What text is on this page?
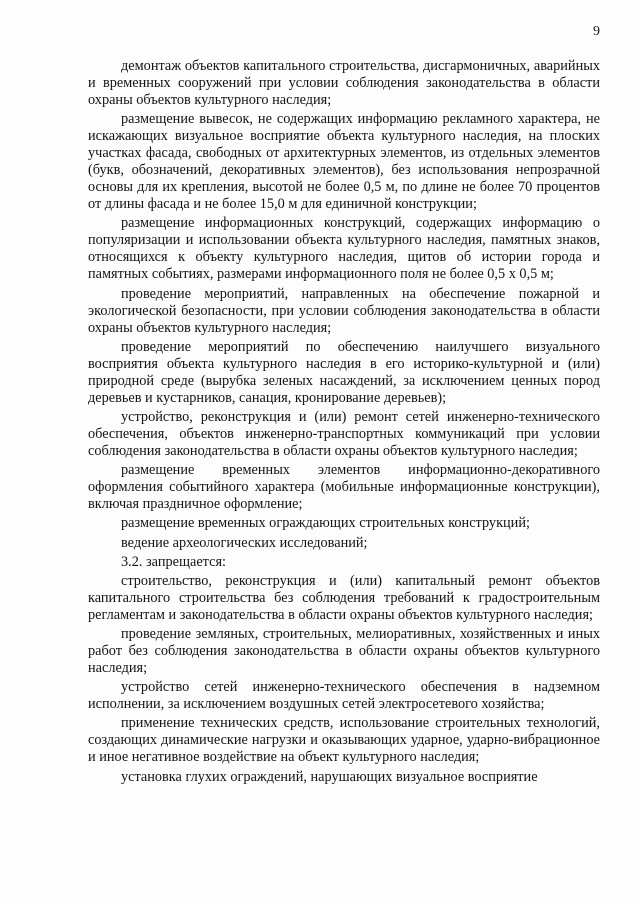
9

демонтаж объектов капитального строительства, дисгармоничных, аварийных и временных сооружений при условии соблюдения законодательства в области охраны объектов культурного наследия;

размещение вывесок, не содержащих информацию рекламного характера, не искажающих визуальное восприятие объекта культурного наследия, на плоских участках фасада, свободных от архитектурных элементов, из отдельных элементов (букв, обозначений, декоративных элементов), без использования непрозрачной основы для их крепления, высотой не более 0,5 м, по длине не более 70 процентов от длины фасада и не более 15,0 м для единичной конструкции;

размещение информационных конструкций, содержащих информацию о популяризации и использовании объекта культурного наследия, памятных знаков, относящихся к объекту культурного наследия, щитов об истории города и памятных событиях, размерами информационного поля не более 0,5 х 0,5 м;

проведение мероприятий, направленных на обеспечение пожарной и экологической безопасности, при условии соблюдения законодательства в области охраны объектов культурного наследия;

проведение мероприятий по обеспечению наилучшего визуального восприятия объекта культурного наследия в его историко-культурной и (или) природной среде (вырубка зеленых насаждений, за исключением ценных пород деревьев и кустарников, санация, кронирование деревьев);

устройство, реконструкция и (или) ремонт сетей инженерно-технического обеспечения, объектов инженерно-транспортных коммуникаций при условии соблюдения законодательства в области охраны объектов культурного наследия;

размещение временных элементов информационно-декоративного оформления событийного характера (мобильные информационные конструкции), включая праздничное оформление;

размещение временных ограждающих строительных конструкций;

ведение археологических исследований;

3.2. запрещается:

строительство, реконструкция и (или) капитальный ремонт объектов капитального строительства без соблюдения требований к градостроительным регламентам и законодательства в области охраны объектов культурного наследия;

проведение земляных, строительных, мелиоративных, хозяйственных и иных работ без соблюдения законодательства в области охраны объектов культурного наследия;

устройство сетей инженерно-технического обеспечения в надземном исполнении, за исключением воздушных сетей электросетевого хозяйства;

применение технических средств, использование строительных технологий, создающих динамические нагрузки и оказывающих ударное, ударно-вибрационное и иное негативное воздействие на объект культурного наследия;

установка глухих ограждений, нарушающих визуальное восприятие
